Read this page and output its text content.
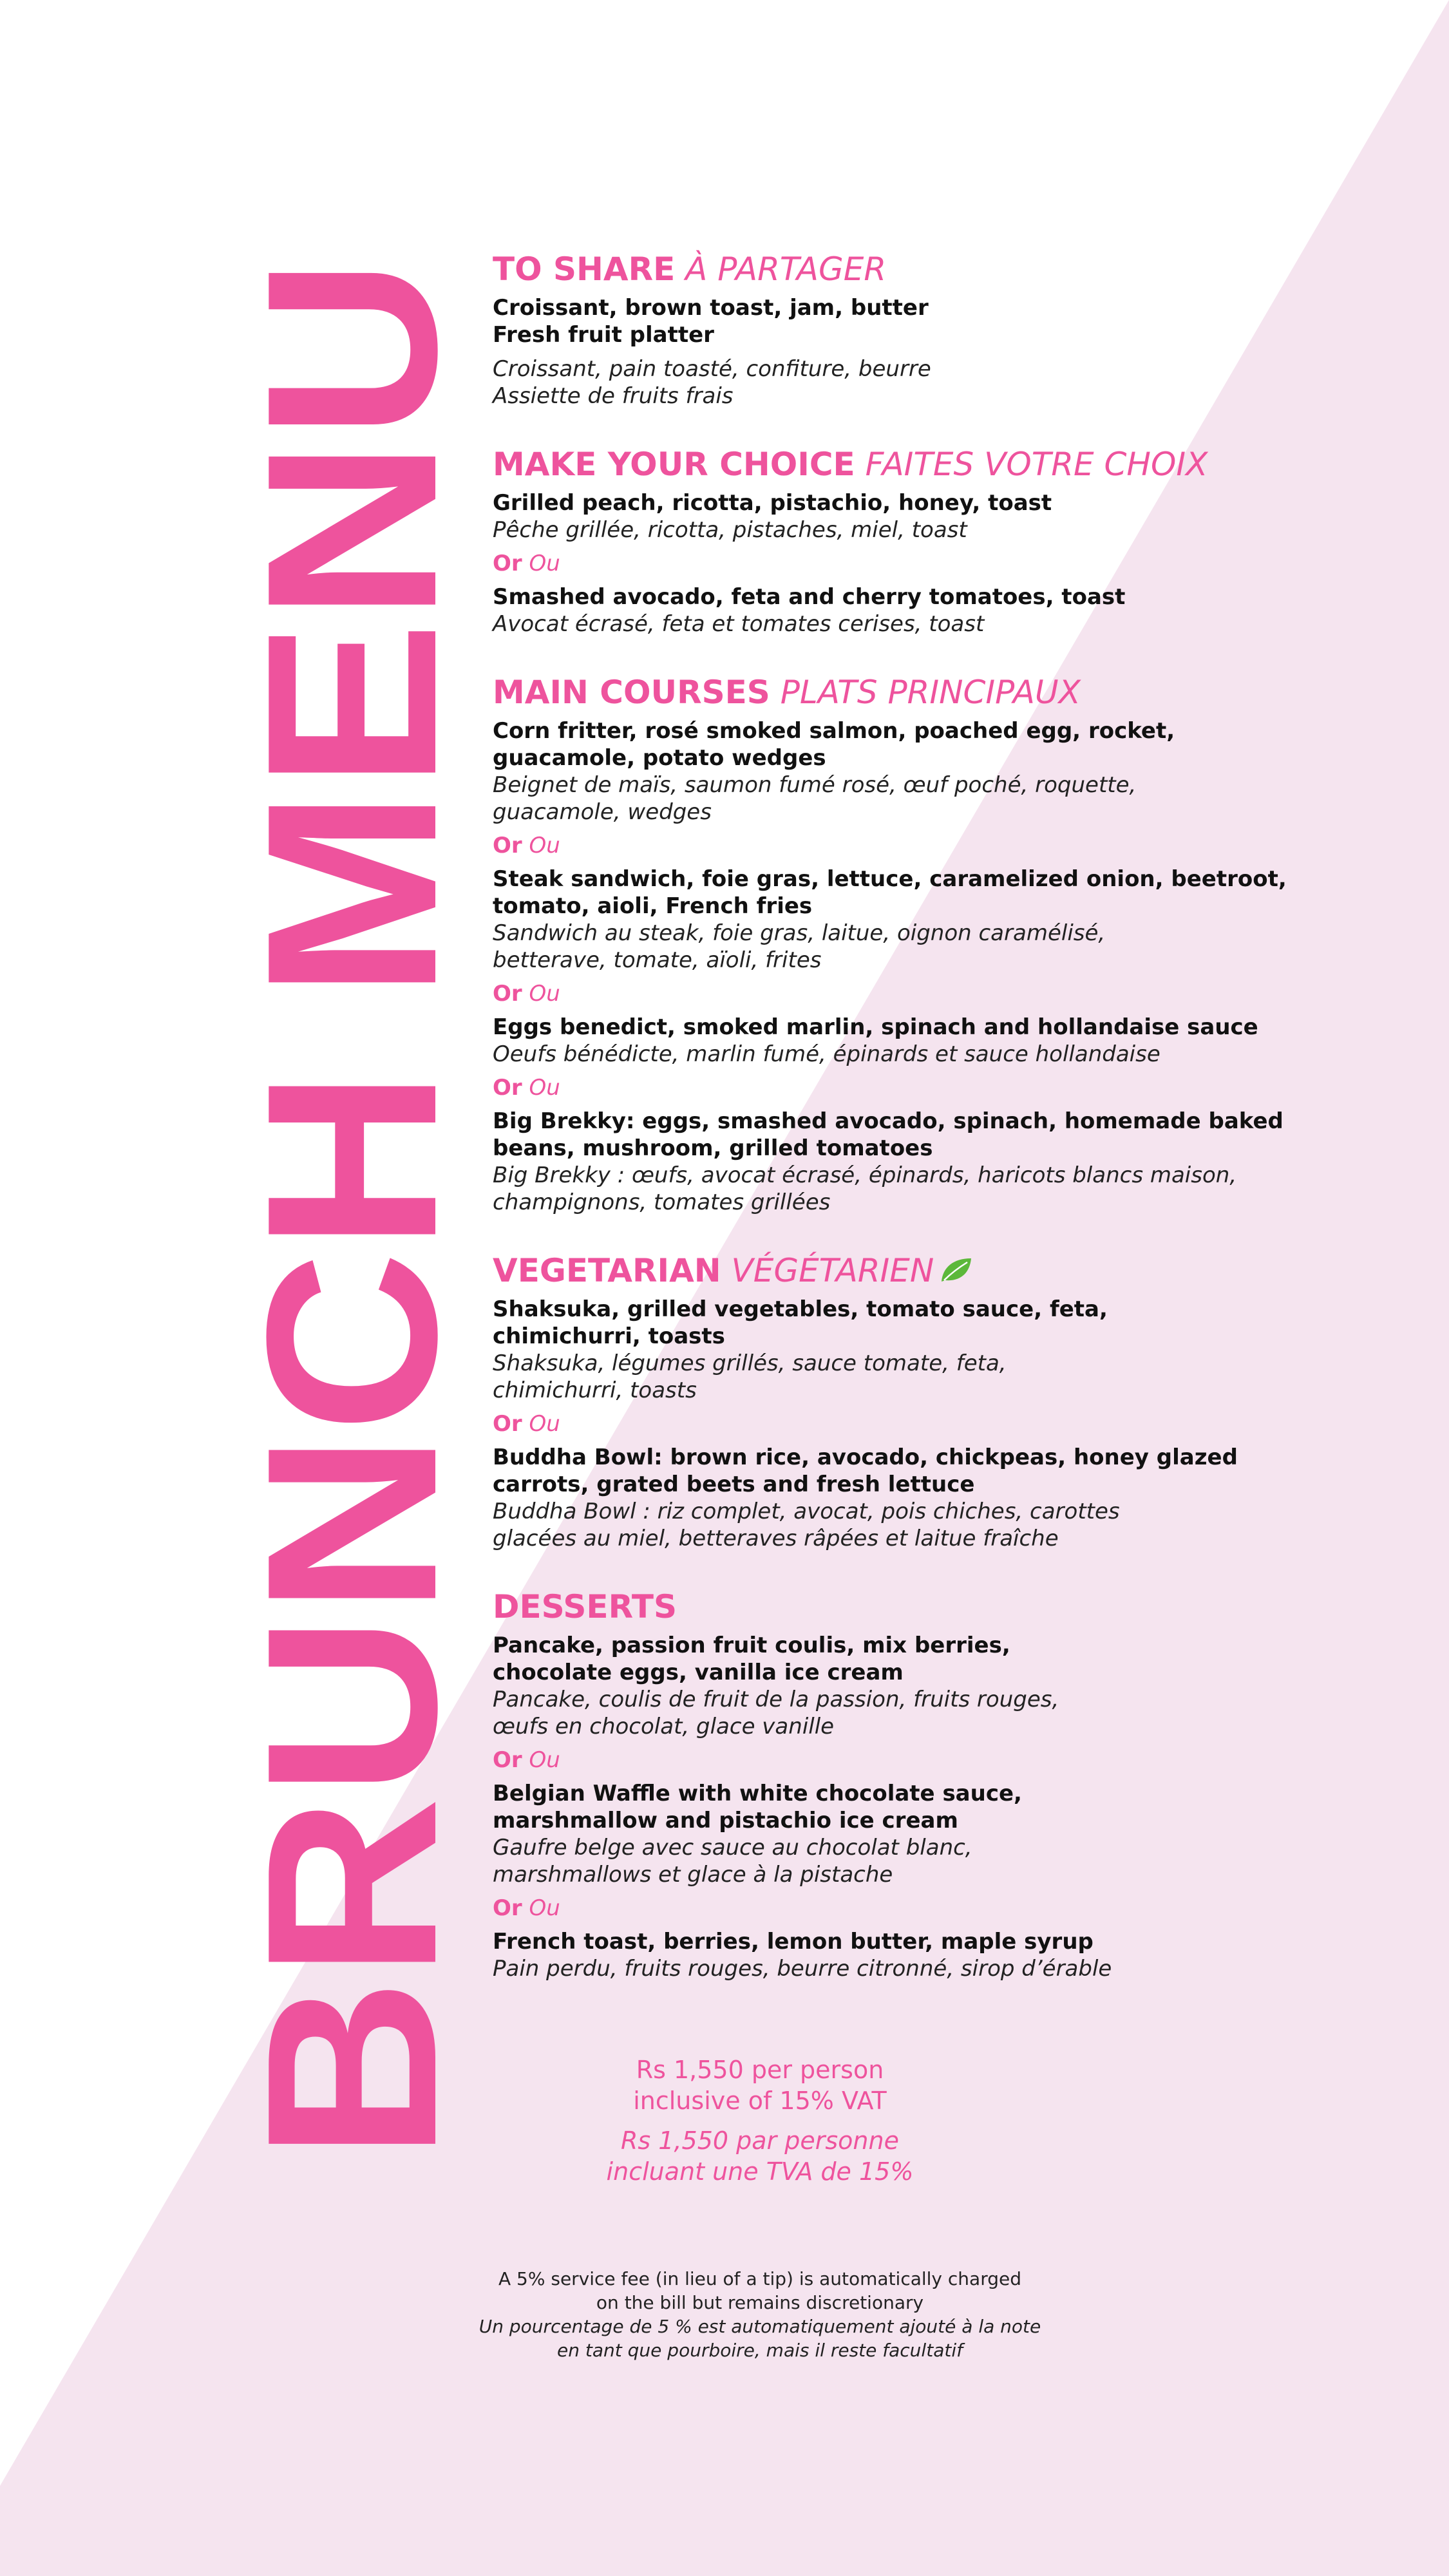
BRUNCH MENU
TO SHARE À PARTAGER
Croissant, brown toast, jam, butter
Fresh fruit platter
Croissant, pain toasté, confiture, beurre
Assiette de fruits frais
MAKE YOUR CHOICE FAITES VOTRE CHOIX
Grilled peach, ricotta, pistachio, honey, toast
Pêche grillée, ricotta, pistaches, miel, toast
Or Ou
Smashed avocado, feta and cherry tomatoes, toast
Avocat écrasé, feta et tomates cerises, toast
MAIN COURSES PLATS PRINCIPAUX
Corn fritter, rosé smoked salmon, poached egg, rocket,
guacamole, potato wedges
Beignet de maïs, saumon fumé rosé, œuf poché, roquette,
guacamole, wedges
Or Ou
Steak sandwich, foie gras, lettuce, caramelized onion, beetroot,
tomato, aioli, French fries
Sandwich au steak, foie gras, laitue, oignon caramélisé,
betterave, tomate, aïoli, frites
Or Ou
Eggs benedict, smoked marlin, spinach and hollandaise sauce
Oeufs bénédicte, marlin fumé, épinards et sauce hollandaise
Or Ou
Big Brekky: eggs, smashed avocado, spinach, homemade baked
beans, mushroom, grilled tomatoes
Big Brekky : œufs, avocat écrasé, épinards, haricots blancs maison,
champignons, tomates grillées
VEGETARIAN VÉGÉTARIEN
Shaksuka, grilled vegetables, tomato sauce, feta,
chimichurri, toasts
Shaksuka, légumes grillés, sauce tomate, feta,
chimichurri, toasts
Or Ou
Buddha Bowl: brown rice, avocado, chickpeas, honey glazed
carrots, grated beets and fresh lettuce
Buddha Bowl : riz complet, avocat, pois chiches, carottes
glacées au miel, betteraves râpées et laitue fraîche
DESSERTS
Pancake, passion fruit coulis, mix berries,
chocolate eggs, vanilla ice cream
Pancake, coulis de fruit de la passion, fruits rouges,
œufs en chocolat, glace vanille
Or Ou
Belgian Waffle with white chocolate sauce,
marshmallow and pistachio ice cream
Gaufre belge avec sauce au chocolat blanc,
marshmallows et glace à la pistache
Or Ou
French toast, berries, lemon butter, maple syrup
Pain perdu, fruits rouges, beurre citronné, sirop d’érable
Rs 1,550 per person
inclusive of 15% VAT
Rs 1,550 par personne
incluant une TVA de 15%
A 5% service fee (in lieu of a tip) is automatically charged
on the bill but remains discretionary
Un pourcentage de 5 % est automatiquement ajouté à la note
en tant que pourboire, mais il reste facultatif
